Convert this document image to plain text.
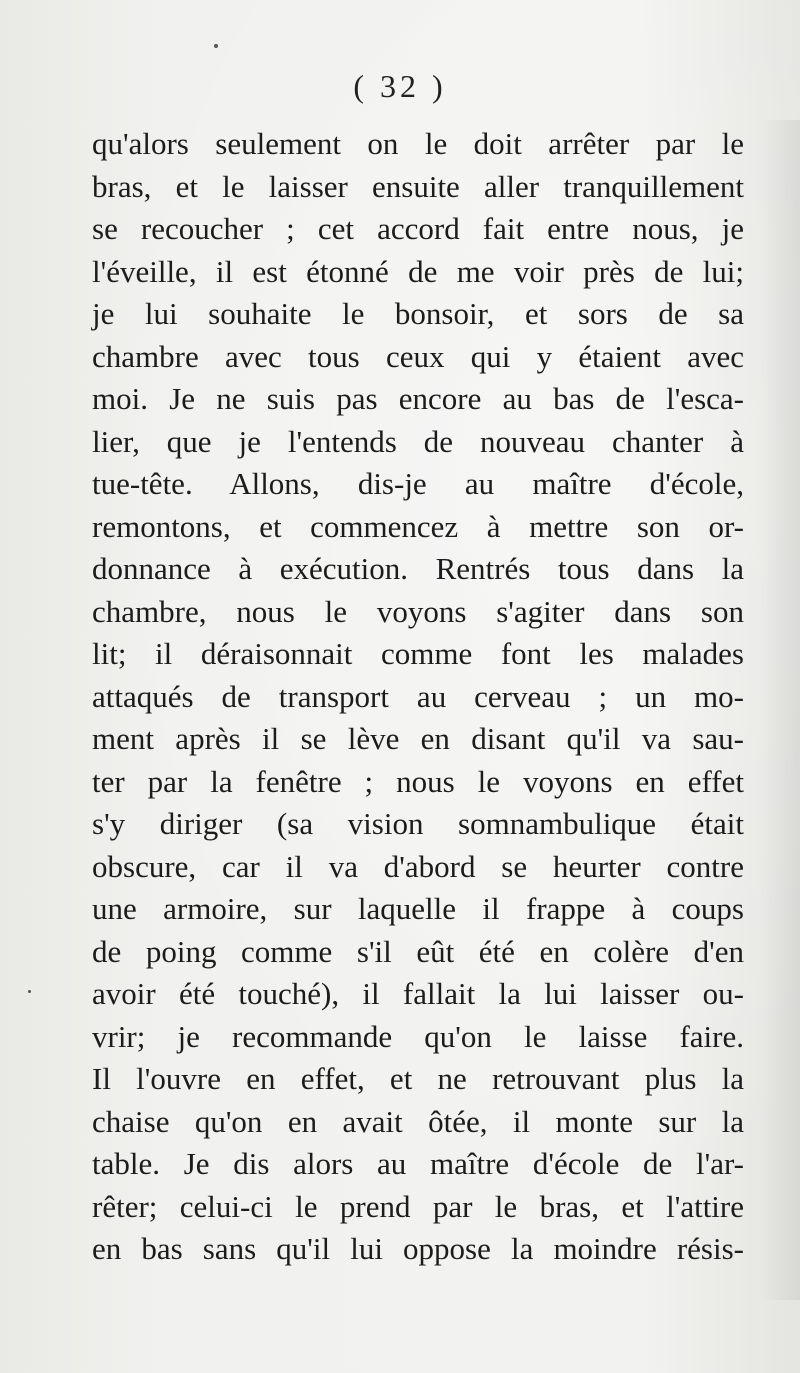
( 32 )
qu'alors seulement on le doit arrêter par le
bras, et le laisser ensuite aller tranquillement
se recoucher ; cet accord fait entre nous, je
l'éveille, il est étonné de me voir près de lui;
je lui souhaite le bonsoir, et sors de sa
chambre avec tous ceux qui y étaient avec
moi. Je ne suis pas encore au bas de l'esca-
lier, que je l'entends de nouveau chanter à
tue-tête. Allons, dis-je au maître d'école,
remontons, et commencez à mettre son or-
donnance à exécution. Rentrés tous dans la
chambre, nous le voyons s'agiter dans son
lit; il déraisonnait comme font les malades
attaqués de transport au cerveau ; un mo-
ment après il se lève en disant qu'il va sau-
ter par la fenêtre ; nous le voyons en effet
s'y diriger (sa vision somnambulique était
obscure, car il va d'abord se heurter contre
une armoire, sur laquelle il frappe à coups
de poing comme s'il eût été en colère d'en
avoir été touché), il fallait la lui laisser ou-
vrir; je recommande qu'on le laisse faire.
Il l'ouvre en effet, et ne retrouvant plus la
chaise qu'on en avait ôtée, il monte sur la
table. Je dis alors au maître d'école de l'ar-
rêter; celui-ci le prend par le bras, et l'attire
en bas sans qu'il lui oppose la moindre résis-
